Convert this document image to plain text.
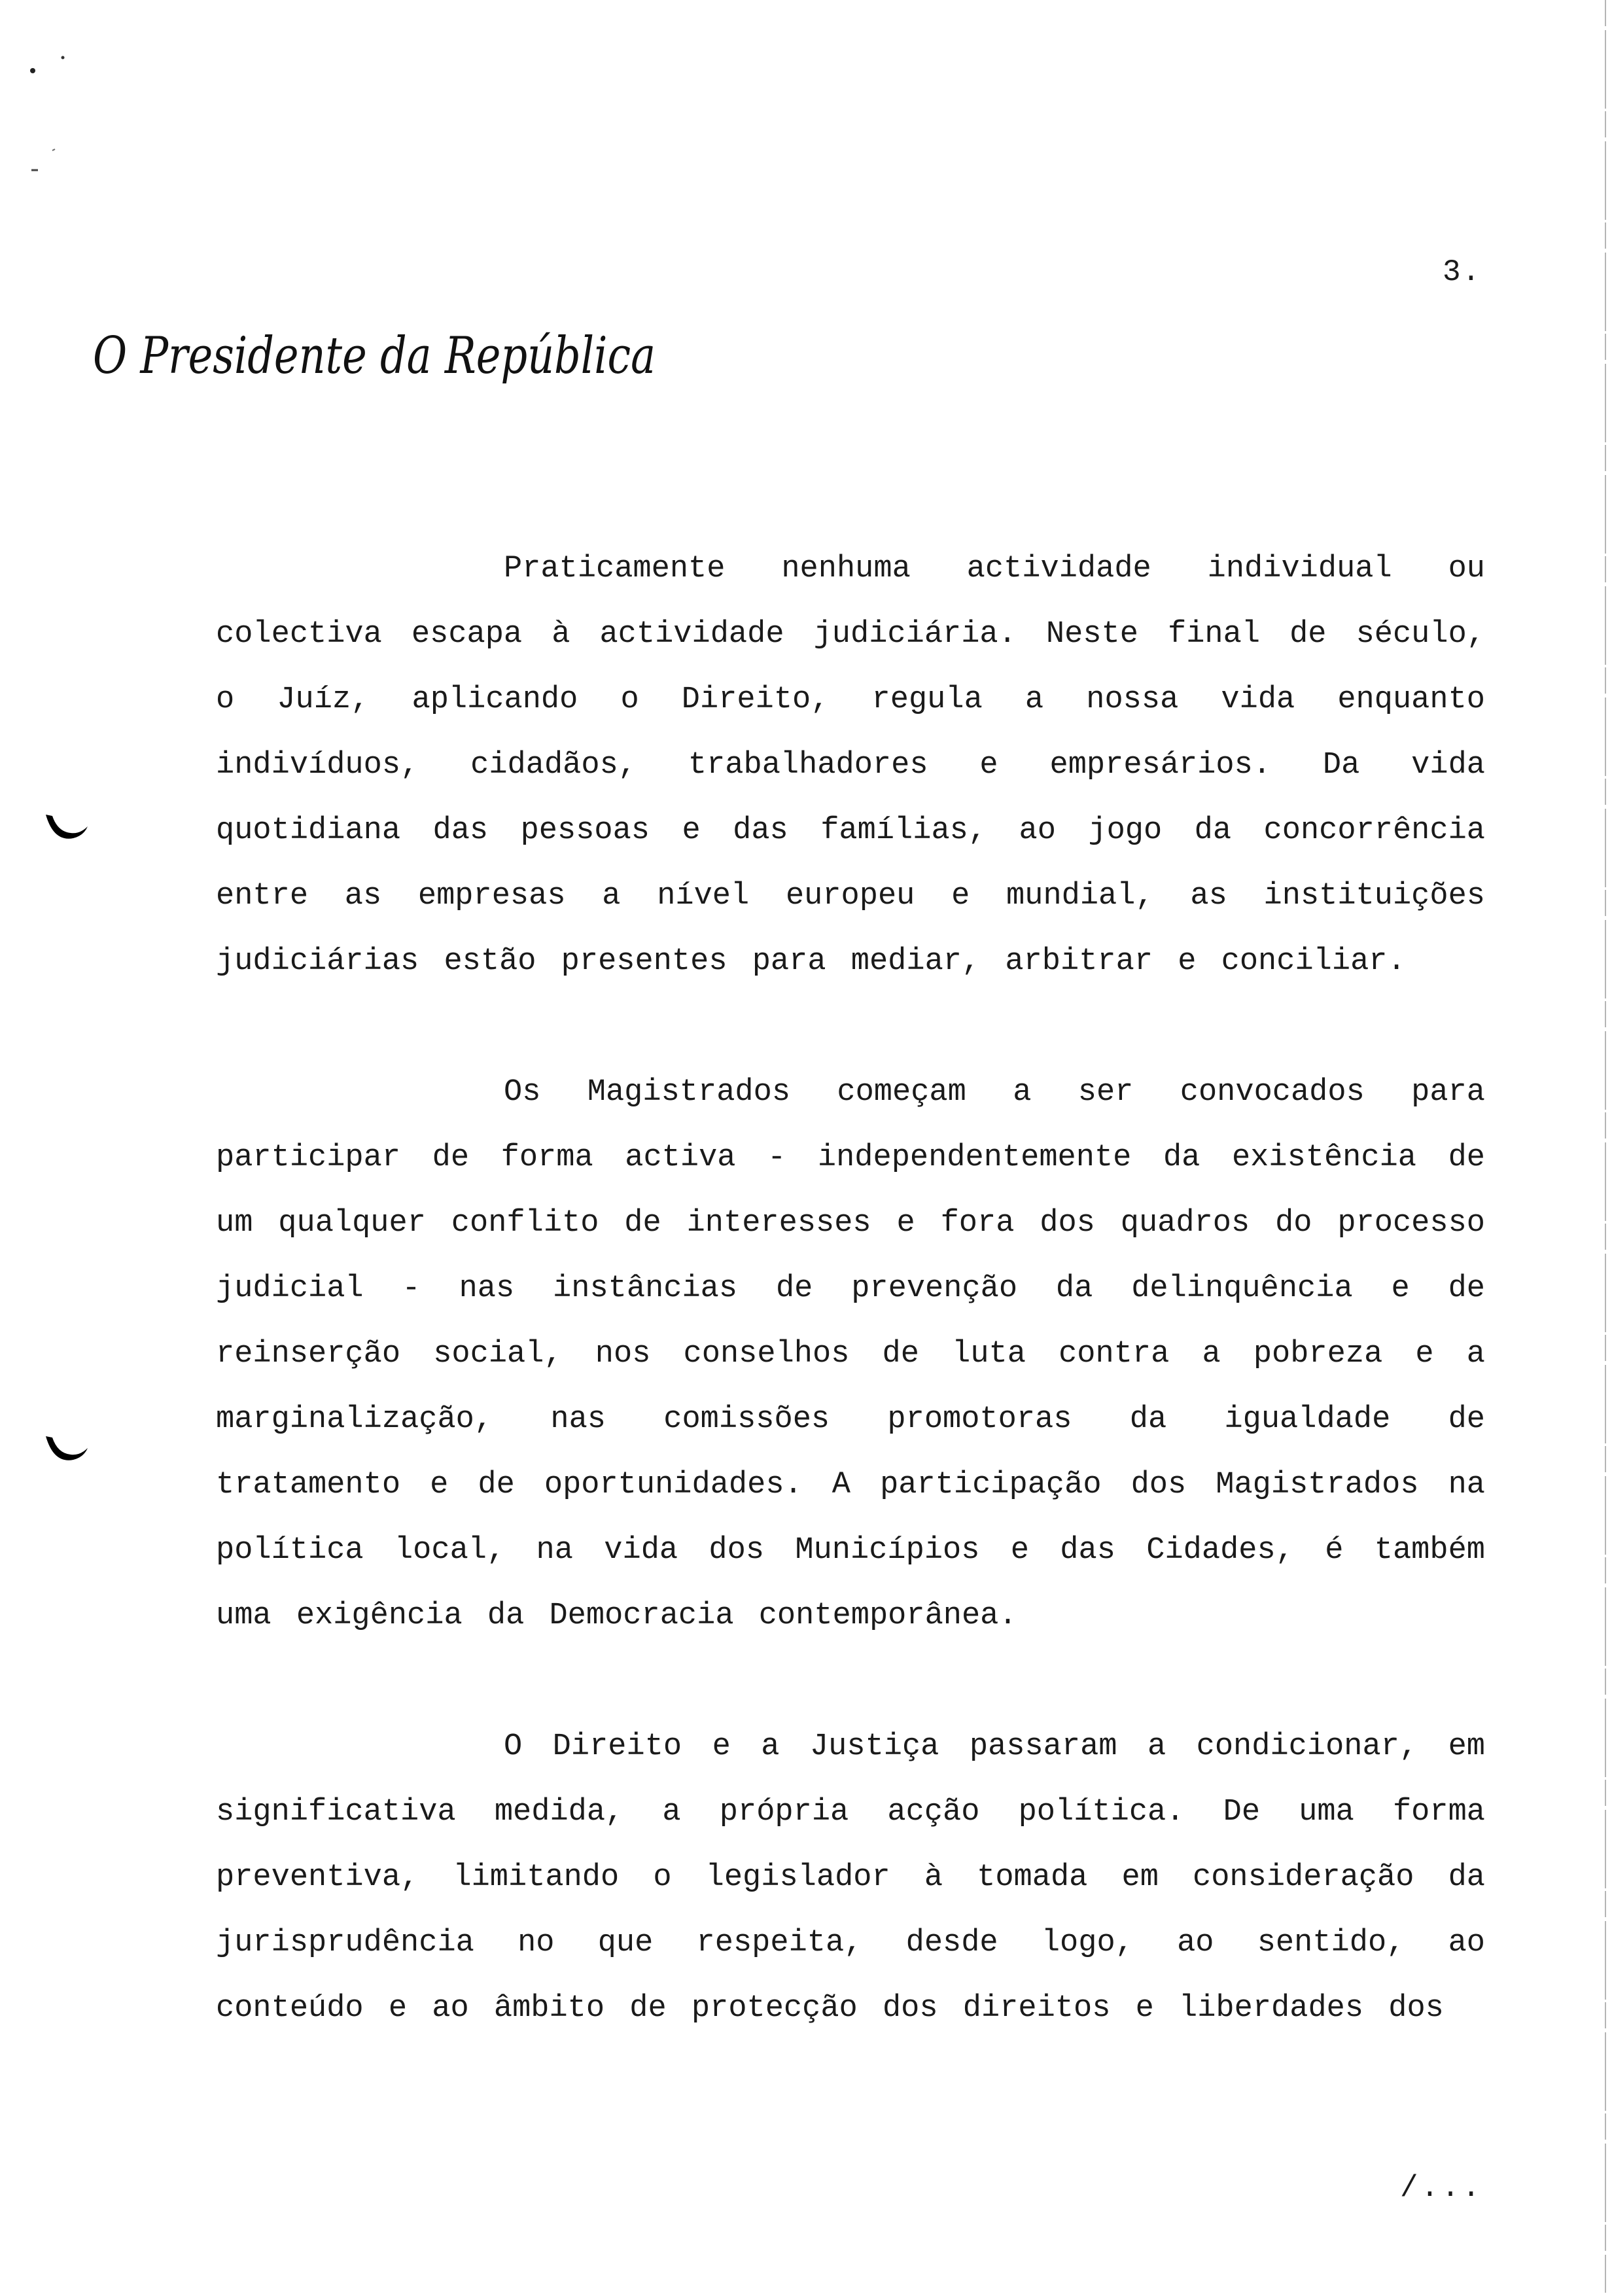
3.
O Presidente da República

Praticamente nenhuma actividade individual ou colectiva escapa à actividade judiciária. Neste final de século, o Juíz, aplicando o Direito, regula a nossa vida enquanto indivíduos, cidadãos, trabalhadores e empresários. Da vida quotidiana das pessoas e das famílias, ao jogo da concorrência entre as empresas a nível europeu e mundial, as instituições judiciárias estão presentes para mediar, arbitrar e conciliar.

Os Magistrados começam a ser convocados para participar de forma activa - independentemente da existência de um qualquer conflito de interesses e fora dos quadros do processo judicial - nas instâncias de prevenção da delinquência e de reinserção social, nos conselhos de luta contra a pobreza e a marginalização, nas comissões promotoras da igualdade de tratamento e de oportunidades. A participação dos Magistrados na política local, na vida dos Municípios e das Cidades, é também uma exigência da Democracia contemporânea.

O Direito e a Justiça passaram a condicionar, em significativa medida, a própria acção política. De uma forma preventiva, limitando o legislador à tomada em consideração da jurisprudência no que respeita, desde logo, ao sentido, ao conteúdo e ao âmbito de protecção dos direitos e liberdades dos

/...
